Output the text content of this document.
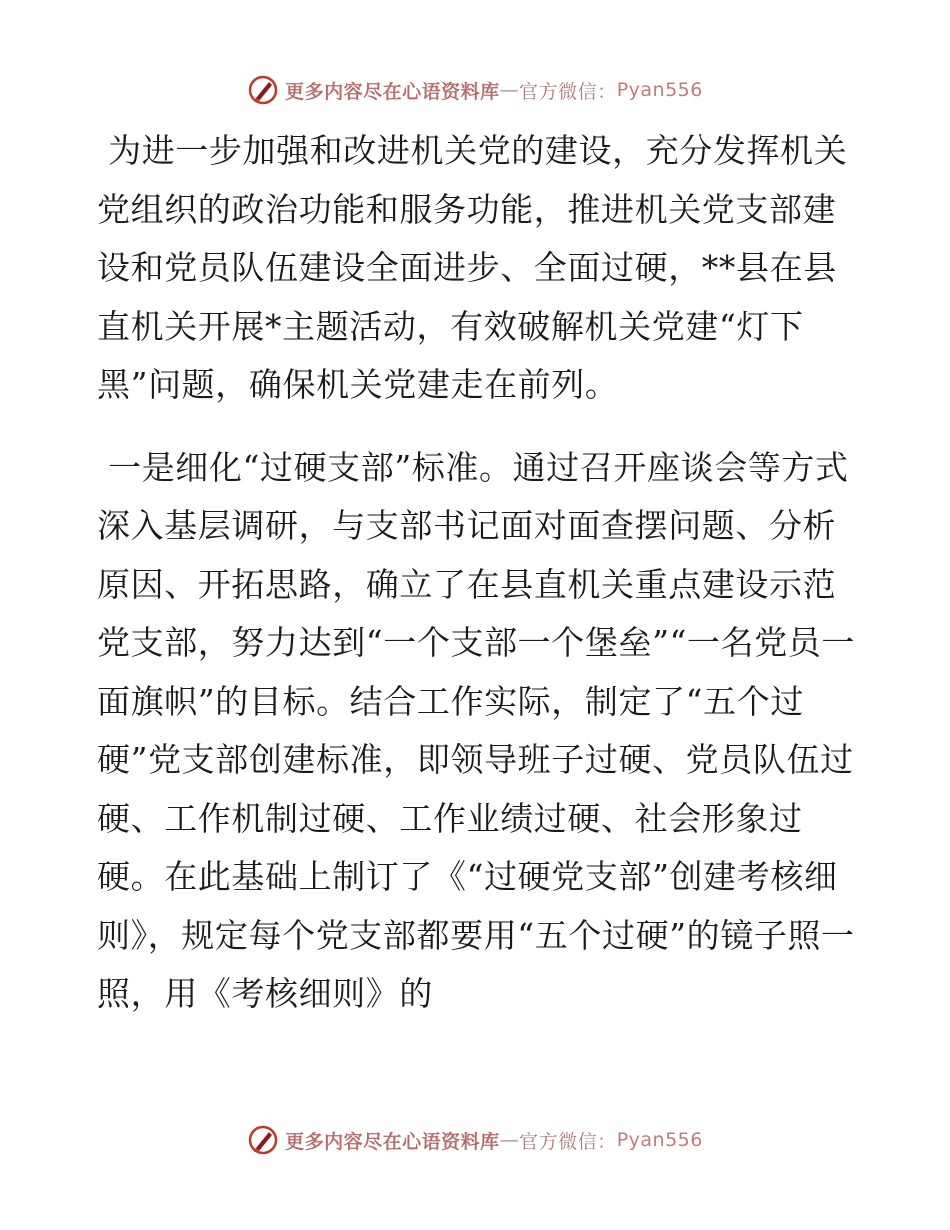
更多内容尽在心语资料库 — 官方微信： Pyan556

为进一步加强和改进机关党的建设，充分发挥机关党组织的政治功能和服务功能，推进机关党支部建设和党员队伍建设全面进步、全面过硬，**县在县直机关开展*主题活动，有效破解机关党建“灯下黑”问题，确保机关党建走在前列。

一是细化“过硬支部”标准。通过召开座谈会等方式深入基层调研，与支部书记面对面查摆问题、分析原因、开拓思路，确立了在县直机关重点建设示范党支部，努力达到“一个支部一个堡垒”“一名党员一面旗帜”的目标。结合工作实际，制定了“五个过硬”党支部创建标准，即领导班子过硬、党员队伍过硬、工作机制过硬、工作业绩过硬、社会形象过硬。在此基础上制订了《“过硬党支部”创建考核细则》，规定每个党支部都要用“五个过硬”的镜子照一照，用《考核细则》的

更多内容尽在心语资料库 — 官方微信： Pyan556
